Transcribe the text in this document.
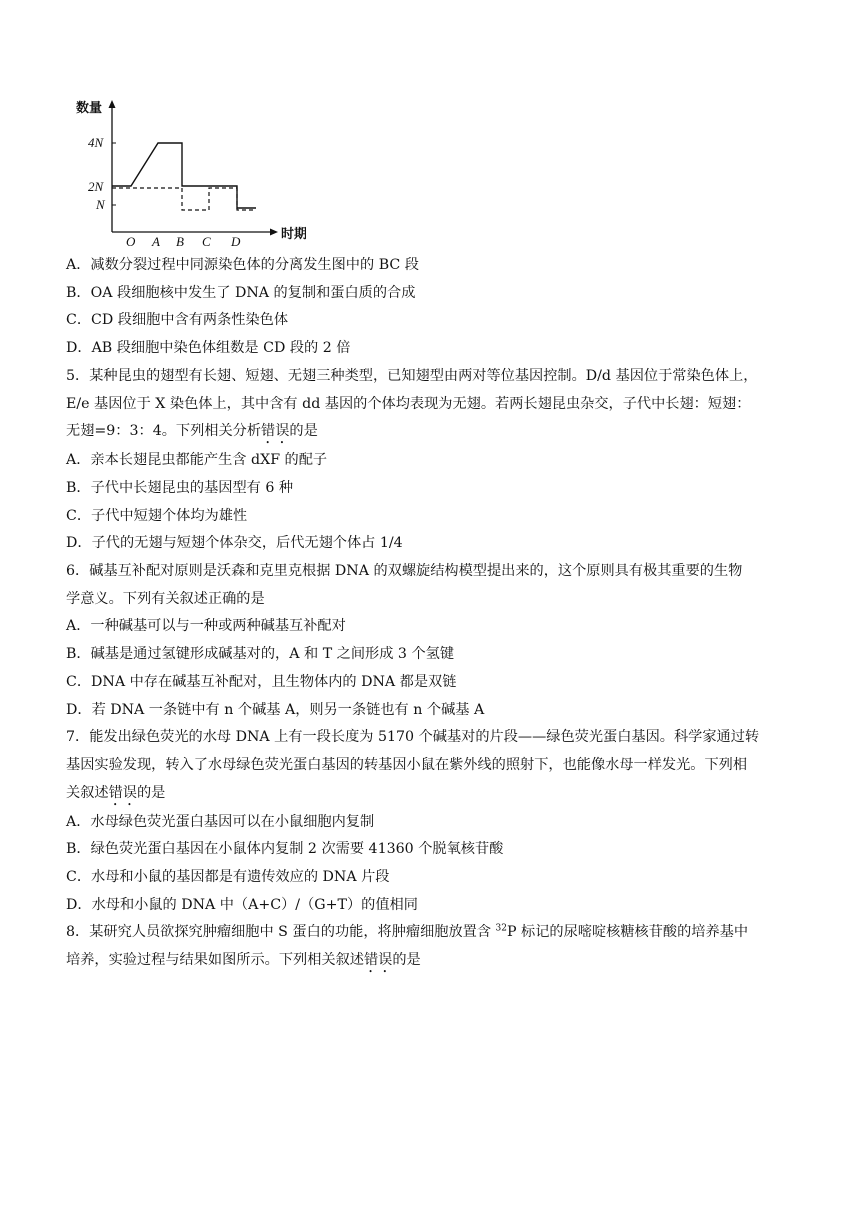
数量
时期
4N
2N
N
O A B C D
A．减数分裂过程中同源染色体的分离发生图中的 BC 段
B．OA 段细胞核中发生了 DNA 的复制和蛋白质的合成
C．CD 段细胞中含有两条性染色体
D．AB 段细胞中染色体组数是 CD 段的 2 倍
5．某种昆虫的翅型有长翅、短翅、无翅三种类型，已知翅型由两对等位基因控制。D/d 基因位于常染色体上，
E/e 基因位于 X 染色体上，其中含有 dd 基因的个体均表现为无翅。若两长翅昆虫杂交，子代中长翅：短翅：
无翅=9：3：4。下列相关分析错误的是
A．亲本长翅昆虫都能产生含 dXF 的配子
B．子代中长翅昆虫的基因型有 6 种
C．子代中短翅个体均为雄性
D．子代的无翅与短翅个体杂交，后代无翅个体占 1/4
6．碱基互补配对原则是沃森和克里克根据 DNA 的双螺旋结构模型提出来的，这个原则具有极其重要的生物
学意义。下列有关叙述正确的是
A．一种碱基可以与一种或两种碱基互补配对
B．碱基是通过氢键形成碱基对的，A 和 T 之间形成 3 个氢键
C．DNA 中存在碱基互补配对，且生物体内的 DNA 都是双链
D．若 DNA 一条链中有 n 个碱基 A，则另一条链也有 n 个碱基 A
7．能发出绿色荧光的水母 DNA 上有一段长度为 5170 个碱基对的片段——绿色荧光蛋白基因。科学家通过转
基因实验发现，转入了水母绿色荧光蛋白基因的转基因小鼠在紫外线的照射下，也能像水母一样发光。下列相
关叙述错误的是
A．水母绿色荧光蛋白基因可以在小鼠细胞内复制
B．绿色荧光蛋白基因在小鼠体内复制 2 次需要 41360 个脱氧核苷酸
C．水母和小鼠的基因都是有遗传效应的 DNA 片段
D．水母和小鼠的 DNA 中（A+C）/（G+T）的值相同
8．某研究人员欲探究肿瘤细胞中 S 蛋白的功能，将肿瘤细胞放置含 $^{32}$P 标记的尿嘧啶核糖核苷酸的培养基中
培养，实验过程与结果如图所示。下列相关叙述错误的是
